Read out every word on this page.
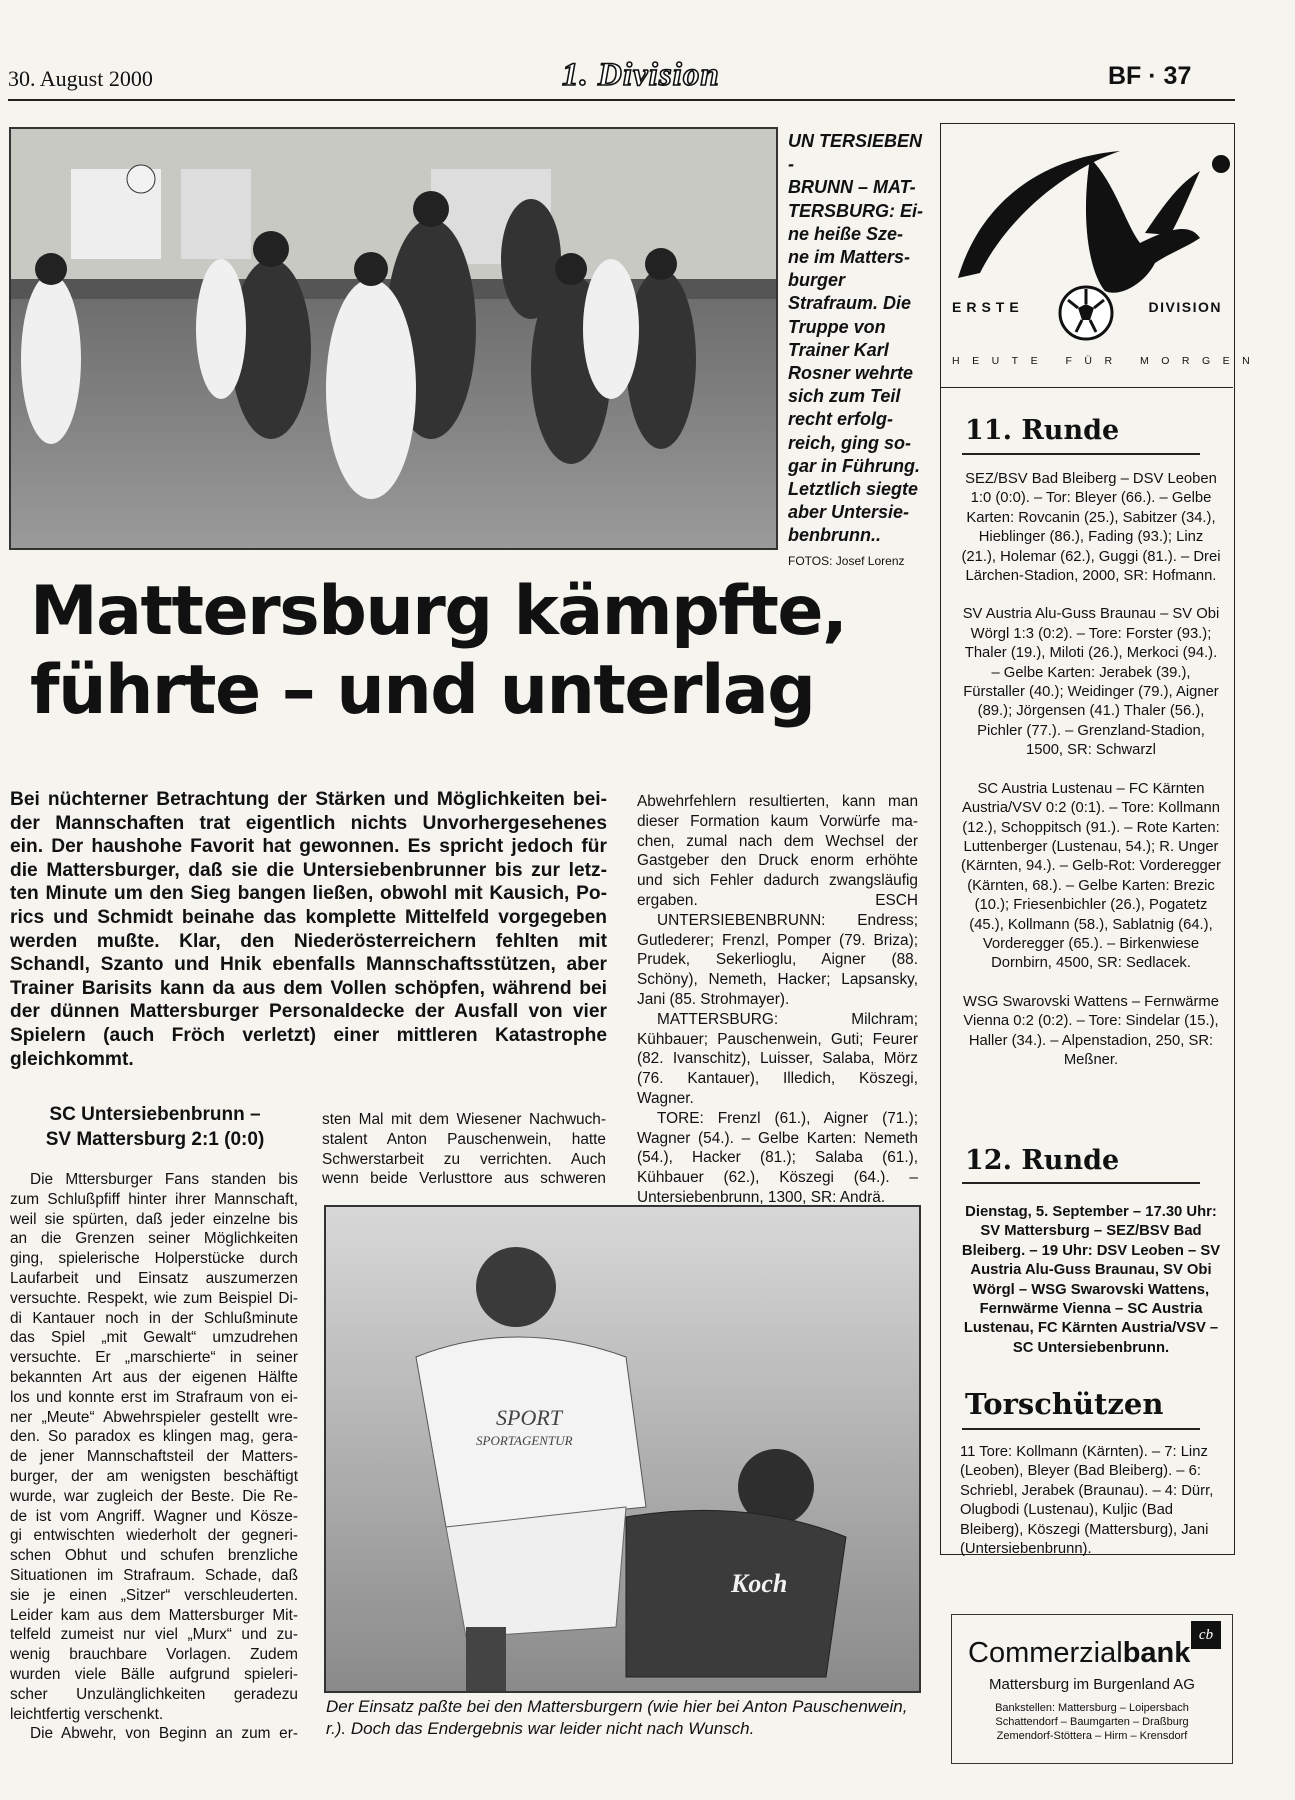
30. August 2000	1. Division	BF · 37
UN TERSIEBEN -
BRUNN – MAT-
TERSBURG: Ei-
ne heiße Sze-
ne im Matters-
burger
Strafraum. Die
Truppe von
Trainer Karl
Rosner wehrte
sich zum Teil
recht erfolg-
reich, ging so-
gar in Führung.
Letztlich siegte
aber Untersie-
benbrunn..
FOTOS: Josef Lorenz
Mattersburg kämpfte,
führte – und unterlag
Bei nüchterner Betrachtung der Stärken und Möglichkeiten bei-
der Mannschaften trat eigentlich nichts Unvorhergesehenes
ein. Der haushohe Favorit hat gewonnen. Es spricht jedoch für
die Mattersburger, daß sie die Untersiebenbrunner bis zur letz-
ten Minute um den Sieg bangen ließen, obwohl mit Kausich, Po-
rics und Schmidt beinahe das komplette Mittelfeld vorgegeben
werden mußte. Klar, den Niederösterreichern fehlten mit
Schandl, Szanto und Hnik ebenfalls Mannschaftsstützen, aber
Trainer Barisits kann da aus dem Vollen schöpfen, während bei
der dünnen Mattersburger Personaldecke der Ausfall von vier
Spielern (auch Fröch verletzt) einer mittleren Katastrophe
gleichkommt.
SC Untersiebenbrunn –
SV Mattersburg 2:1 (0:0)
Die Mttersburger Fans standen bis
zum Schlußpfiff hinter ihrer Mannschaft,
weil sie spürten, daß jeder einzelne bis
an die Grenzen seiner Möglichkeiten
ging, spielerische Holperstücke durch
Laufarbeit und Einsatz auszumerzen
versuchte. Respekt, wie zum Beispiel Di-
di Kantauer noch in der Schlußminute
das Spiel „mit Gewalt“ umzudrehen
versuchte. Er „marschierte“ in seiner
bekannten Art aus der eigenen Hälfte
los und konnte erst im Strafraum von ei-
ner „Meute“ Abwehrspieler gestellt wre-
den. So paradox es klingen mag, gera-
de jener Mannschaftsteil der Matters-
burger, der am wenigsten beschäftigt
wurde, war zugleich der Beste. Die Re-
de ist vom Angriff. Wagner und Kösze-
gi entwischten wiederholt der gegneri-
schen Obhut und schufen brenzliche
Situationen im Strafraum. Schade, daß
sie je einen „Sitzer“ verschleuderten.
Leider kam aus dem Mattersburger Mit-
telfeld zumeist nur viel „Murx“ und zu-
wenig brauchbare Vorlagen. Zudem
wurden viele Bälle aufgrund spieleri-
scher Unzulänglichkeiten geradezu
leichtfertig verschenkt.
Die Abwehr, von Beginn an zum er-
sten Mal mit dem Wiesener Nachwuch-
stalent Anton Pauschenwein, hatte
Schwerstarbeit zu verrichten. Auch
wenn beide Verlusttore aus schweren
Abwehrfehlern resultierten, kann man
dieser Formation kaum Vorwürfe ma-
chen, zumal nach dem Wechsel der
Gastgeber den Druck enorm erhöhte
und sich Fehler dadurch zwangsläufig
ergaben.	ESCH

UNTERSIEBENBRUNN: Endress; Gutlederer; Frenzl, Pomper (79. Briza); Prudek, Sekerlioglu, Aigner (88. Schöny), Nemeth, Hacker; Lapsansky, Jani (85. Strohmayer).

MATTERSBURG: Milchram; Kühbauer; Pauschenwein, Guti; Feurer (82. Ivanschitz), Luisser, Salaba, Mörz (76. Kantauer), Illedich, Köszegi, Wagner.

TORE: Frenzl (61.), Aigner (71.); Wagner (54.). – Gelbe Karten: Nemeth (54.), Hacker (81.); Salaba (61.), Kühbauer (62.), Köszegi (64.). – Untersiebenbrunn, 1300, SR: Andrä.

SPORT
SPORTAGENTUR
Koch
Der Einsatz paßte bei den Mattersburgern (wie hier bei Anton Pauschenwein, r.). Doch das Endergebnis war leider nicht nach Wunsch.
ERSTE	DIVISION
HEUTE FÜR MORGEN
11. Runde
SEZ/BSV Bad Bleiberg – DSV Leoben 1:0 (0:0). – Tor: Bleyer (66.). – Gelbe Karten: Rovcanin (25.), Sabitzer (34.), Hieblinger (86.), Fading (93.); Linz (21.), Holemar (62.), Guggi (81.). – Drei Lärchen-Stadion, 2000, SR: Hofmann.
SV Austria Alu-Guss Braunau – SV Obi Wörgl 1:3 (0:2). – Tore: Forster (93.); Thaler (19.), Miloti (26.), Merkoci (94.). – Gelbe Karten: Jerabek (39.), Fürstaller (40.); Weidinger (79.), Aigner (89.); Jörgensen (41.) Thaler (56.), Pichler (77.). – Grenzland-Stadion, 1500, SR: Schwarzl
SC Austria Lustenau – FC Kärnten Austria/VSV 0:2 (0:1). – Tore: Kollmann (12.), Schoppitsch (91.). – Rote Karten: Luttenberger (Lustenau, 54.); R. Unger (Kärnten, 94.). – Gelb-Rot: Vorderegger (Kärnten, 68.). – Gelbe Karten: Brezic (10.); Friesenbichler (26.), Pogatetz (45.), Kollmann (58.), Sablatnig (64.), Vorderegger (65.). – Birkenwiese Dornbirn, 4500, SR: Sedlacek.
WSG Swarovski Wattens – Fernwärme Vienna 0:2 (0:2). – Tore: Sindelar (15.), Haller (34.). – Alpenstadion, 250, SR: Meßner.
12. Runde
Dienstag, 5. September – 17.30 Uhr: SV Mattersburg – SEZ/BSV Bad Bleiberg. – 19 Uhr: DSV Leoben – SV Austria Alu-Guss Braunau, SV Obi Wörgl – WSG Swarovski Wattens, Fernwärme Vienna – SC Austria Lustenau, FC Kärnten Austria/VSV – SC Untersiebenbrunn.
Torschützen
11 Tore: Kollmann (Kärnten). – 7: Linz (Leoben), Bleyer (Bad Bleiberg). – 6: Schriebl, Jerabek (Braunau). – 4: Dürr, Olugbodi (Lustenau), Kuljic (Bad Bleiberg), Köszegi (Mattersburg), Jani (Untersiebenbrunn).
cb
Commerzialbank
Mattersburg im Burgenland AG
Bankstellen: Mattersburg – Loipersbach
Schattendorf – Baumgarten – Draßburg
Zemendorf-Stöttera – Hirm – Krensdorf
